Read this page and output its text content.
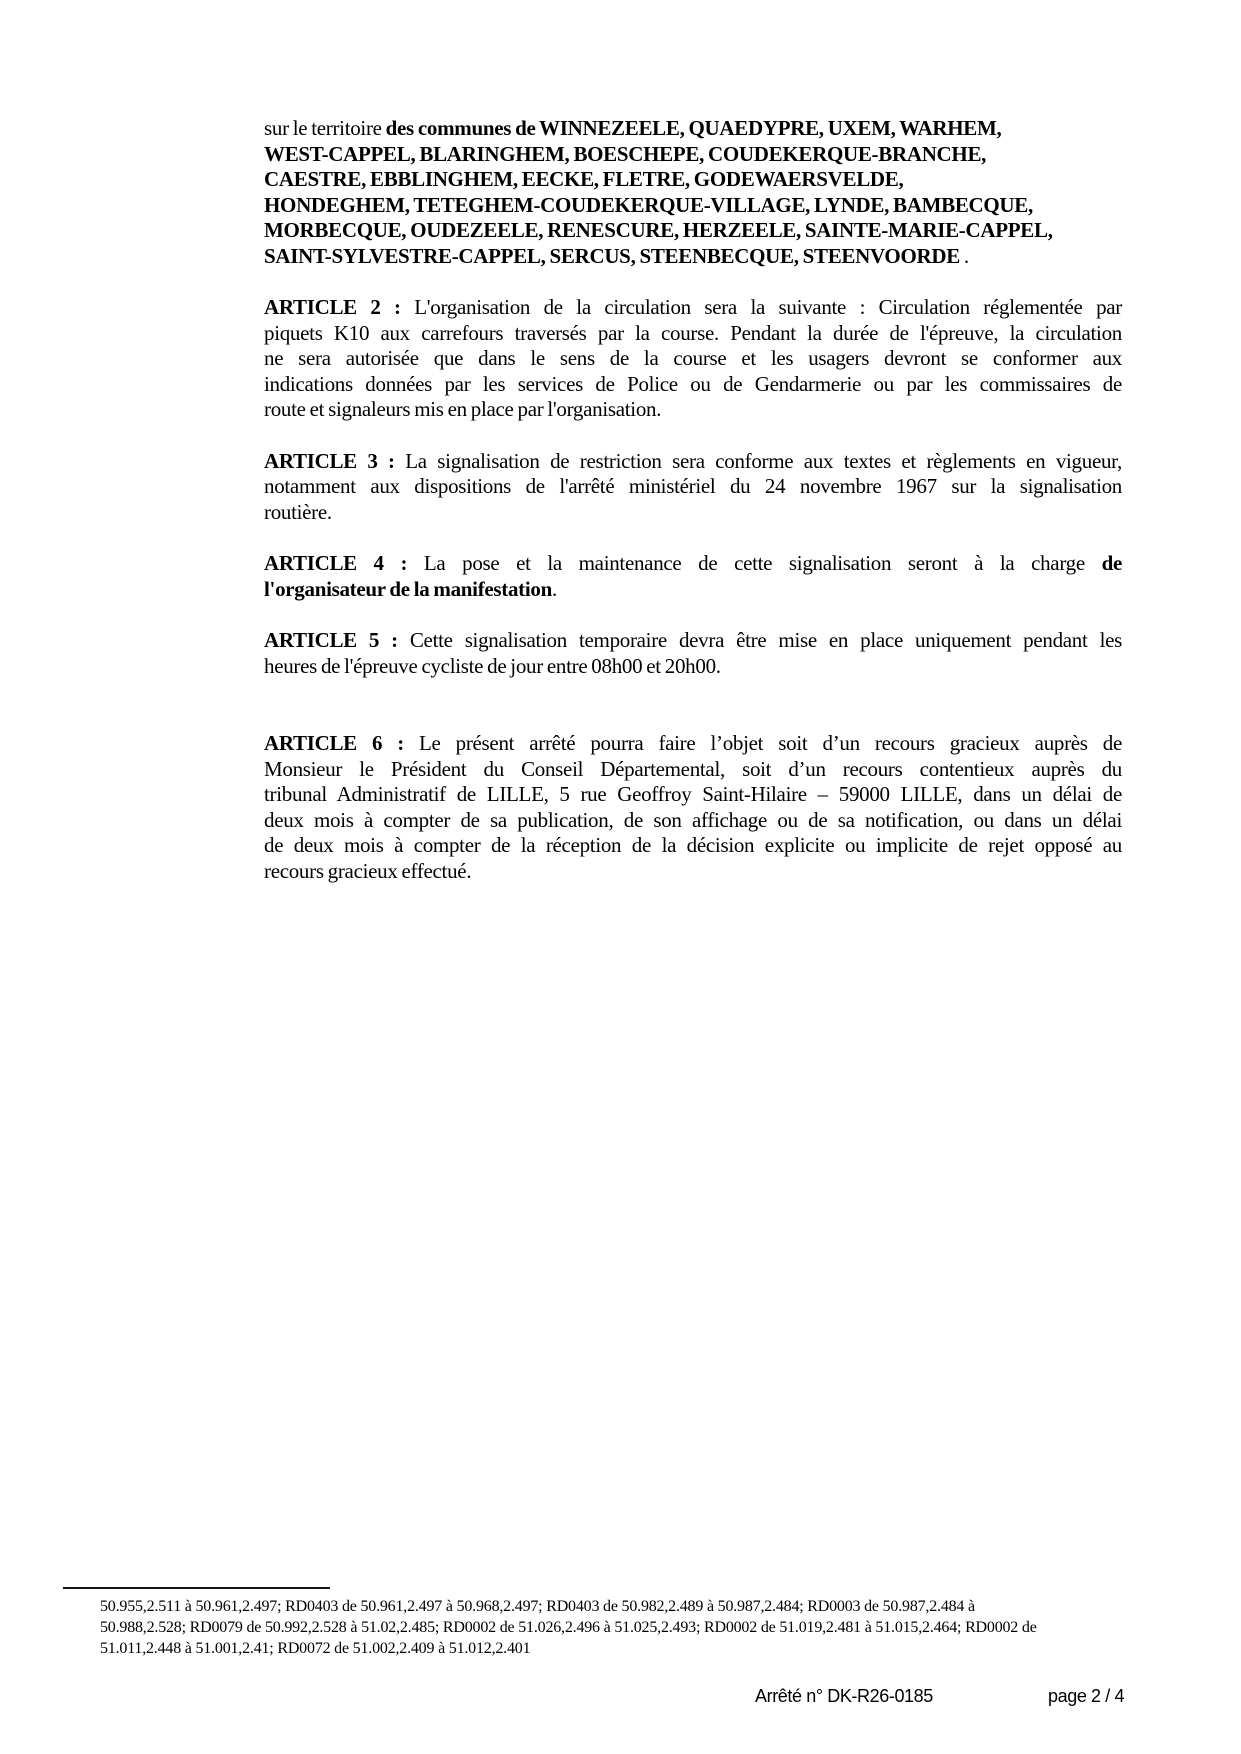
sur le territoire des communes de WINNEZEELE, QUAEDYPRE, UXEM, WARHEM,
WEST-CAPPEL, BLARINGHEM, BOESCHEPE, COUDEKERQUE-BRANCHE,
CAESTRE, EBBLINGHEM, EECKE, FLETRE, GODEWAERSVELDE,
HONDEGHEM, TETEGHEM-COUDEKERQUE-VILLAGE, LYNDE, BAMBECQUE,
MORBECQUE, OUDEZEELE, RENESCURE, HERZEELE, SAINTE-MARIE-CAPPEL,
SAINT-SYLVESTRE-CAPPEL, SERCUS, STEENBECQUE, STEENVOORDE .
ARTICLE 2 : L'organisation de la circulation sera la suivante : Circulation réglementée par
piquets K10 aux carrefours traversés par la course. Pendant la durée de l'épreuve, la circulation
ne sera autorisée que dans le sens de la course et les usagers devront se conformer aux
indications données par les services de Police ou de Gendarmerie ou par les commissaires de
route et signaleurs mis en place par l'organisation.
ARTICLE 3 : La signalisation de restriction sera conforme aux textes et règlements en vigueur,
notamment aux dispositions de l'arrêté ministériel du 24 novembre 1967 sur la signalisation
routière.
ARTICLE 4 : La pose et la maintenance de cette signalisation seront à la charge de
l'organisateur de la manifestation.
ARTICLE 5 : Cette signalisation temporaire devra être mise en place uniquement pendant les
heures de l'épreuve cycliste de jour entre 08h00 et 20h00.
ARTICLE 6 : Le présent arrêté pourra faire l’objet soit d’un recours gracieux auprès de
Monsieur le Président du Conseil Départemental, soit d’un recours contentieux auprès du
tribunal Administratif de LILLE, 5 rue Geoffroy Saint-Hilaire – 59000 LILLE, dans un délai de
deux mois à compter de sa publication, de son affichage ou de sa notification, ou dans un délai
de deux mois à compter de la réception de la décision explicite ou implicite de rejet opposé au
recours gracieux effectué.
50.955,2.511 à 50.961,2.497; RD0403 de 50.961,2.497 à 50.968,2.497; RD0403 de 50.982,2.489 à 50.987,2.484; RD0003 de 50.987,2.484 à
50.988,2.528; RD0079 de 50.992,2.528 à 51.02,2.485; RD0002 de 51.026,2.496 à 51.025,2.493; RD0002 de 51.019,2.481 à 51.015,2.464; RD0002 de
51.011,2.448 à 51.001,2.41; RD0072 de 51.002,2.409 à 51.012,2.401
Arrêté n° DK-R26-0185	page 2 / 4
